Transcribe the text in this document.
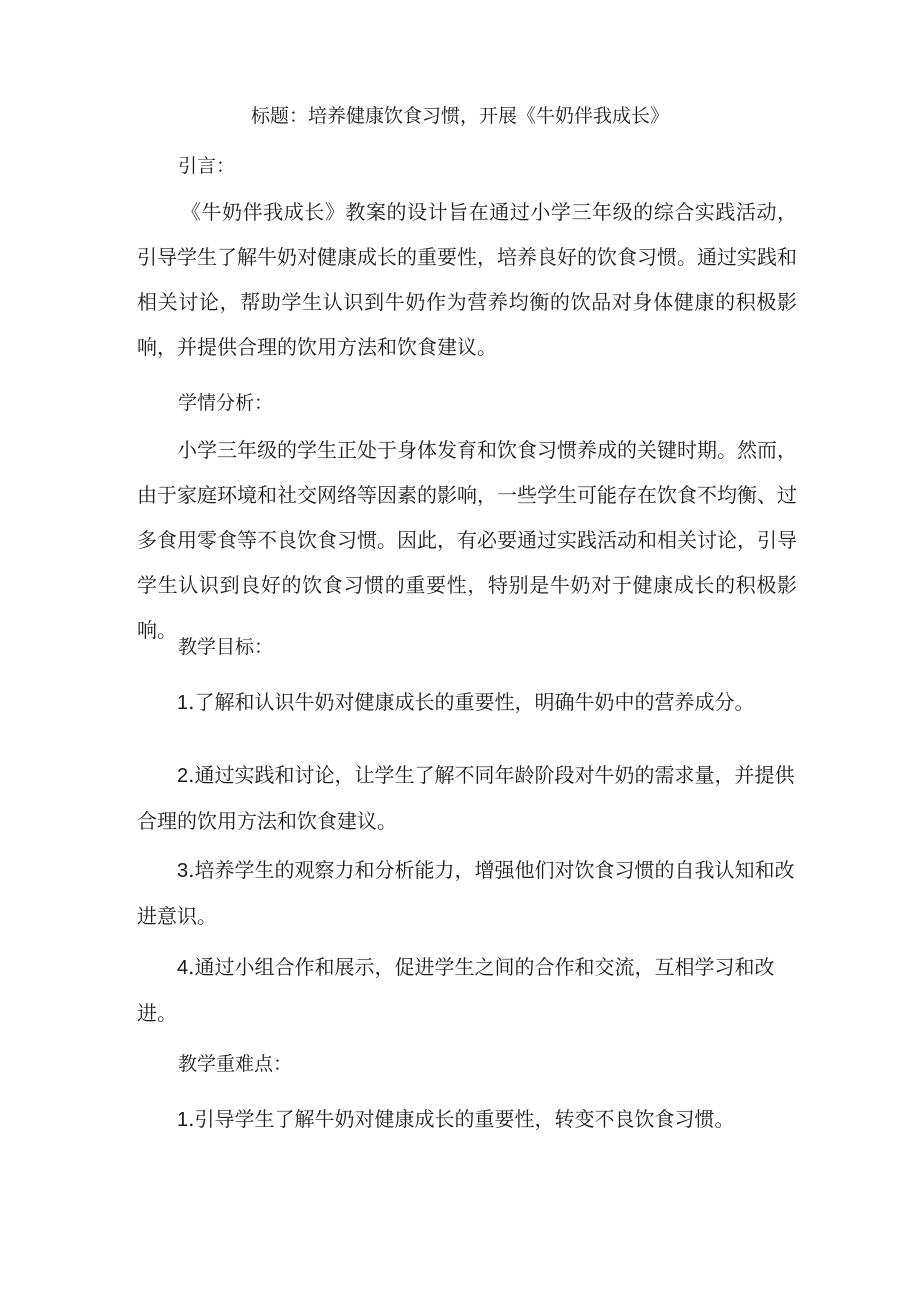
标题：培养健康饮食习惯，开展《牛奶伴我成长》
引言：
《牛奶伴我成长》教案的设计旨在通过小学三年级的综合实践活动，引导学生了解牛奶对健康成长的重要性，培养良好的饮食习惯。通过实践和相关讨论，帮助学生认识到牛奶作为营养均衡的饮品对身体健康的积极影响，并提供合理的饮用方法和饮食建议。
学情分析：
小学三年级的学生正处于身体发育和饮食习惯养成的关键时期。然而，由于家庭环境和社交网络等因素的影响，一些学生可能存在饮食不均衡、过多食用零食等不良饮食习惯。因此，有必要通过实践活动和相关讨论，引导学生认识到良好的饮食习惯的重要性，特别是牛奶对于健康成长的积极影响。
教学目标：
1.了解和认识牛奶对健康成长的重要性，明确牛奶中的营养成分。
2.通过实践和讨论，让学生了解不同年龄阶段对牛奶的需求量，并提供合理的饮用方法和饮食建议。
3.培养学生的观察力和分析能力，增强他们对饮食习惯的自我认知和改进意识。
4.通过小组合作和展示，促进学生之间的合作和交流，互相学习和改进。
教学重难点：
1.引导学生了解牛奶对健康成长的重要性，转变不良饮食习惯。
